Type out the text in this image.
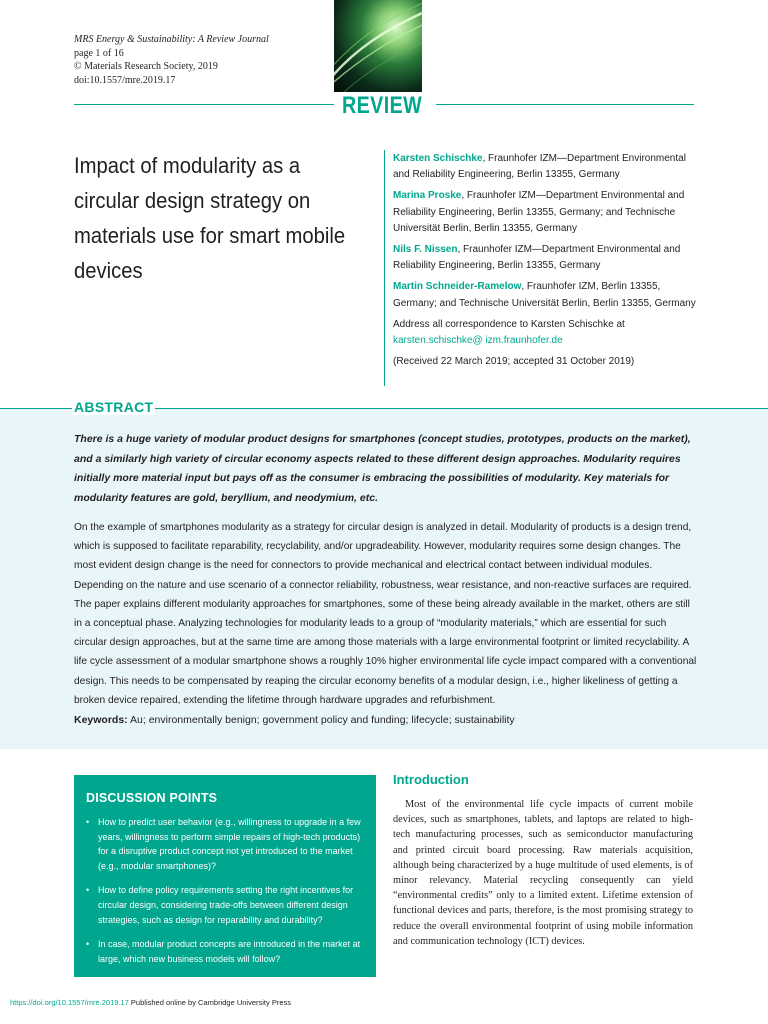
MRS Energy & Sustainability: A Review Journal
page 1 of 16
© Materials Research Society, 2019
doi:10.1557/mre.2019.17
REVIEW
Impact of modularity as a circular design strategy on materials use for smart mobile devices

Karsten Schischke, Fraunhofer IZM—Department Environmental and Reliability Engineering, Berlin 13355, Germany

Marina Proske, Fraunhofer IZM—Department Environmental and Reliability Engineering, Berlin 13355, Germany; and Technische Universität Berlin, Berlin 13355, Germany

Nils F. Nissen, Fraunhofer IZM—Department Environmental and Reliability Engineering, Berlin 13355, Germany

Martin Schneider-Ramelow, Fraunhofer IZM, Berlin 13355, Germany; and Technische Universität Berlin, Berlin 13355, Germany

Address all correspondence to Karsten Schischke at karsten.schischke@ izm.fraunhofer.de

(Received 22 March 2019; accepted 31 October 2019)

ABSTRACT
There is a huge variety of modular product designs for smartphones (concept studies, prototypes, products on the market), and a similarly high variety of circular economy aspects related to these different design approaches. Modularity requires initially more material input but pays off as the consumer is embracing the possibilities of modularity. Key materials for modularity features are gold, beryllium, and neodymium, etc.
On the example of smartphones modularity as a strategy for circular design is analyzed in detail. Modularity of products is a design trend, which is supposed to facilitate reparability, recyclability, and/or upgradeability. However, modularity requires some design changes. The most evident design change is the need for connectors to provide mechanical and electrical contact between individual modules. Depending on the nature and use scenario of a connector reliability, robustness, wear resistance, and non-reactive surfaces are required. The paper explains different modularity approaches for smartphones, some of these being already available in the market, others are still in a conceptual phase. Analyzing technologies for modularity leads to a group of “modularity materials,” which are essential for such circular design approaches, but at the same time are among those materials with a large environmental footprint or limited recyclability. A life cycle assessment of a modular smartphone shows a roughly 10% higher environmental life cycle impact compared with a conventional design. This needs to be compensated by reaping the circular economy benefits of a modular design, i.e., higher likeliness of getting a broken device repaired, extending the lifetime through hardware upgrades and refurbishment.
Keywords: Au; environmentally benign; government policy and funding; lifecycle; sustainability
DISCUSSION POINTS
• How to predict user behavior (e.g., willingness to upgrade in a few years, willingness to perform simple repairs of high-tech products) for a disruptive product concept not yet introduced to the market (e.g., modular smartphones)?
• How to define policy requirements setting the right incentives for circular design, considering trade-offs between different design strategies, such as design for reparability and durability?
• In case, modular product concepts are introduced in the market at large, which new business models will follow?
Introduction
Most of the environmental life cycle impacts of current mobile devices, such as smartphones, tablets, and laptops are related to high-tech manufacturing processes, such as semiconductor manufacturing and printed circuit board processing. Raw materials acquisition, although being characterized by a huge multitude of used elements, is of minor relevancy. Material recycling consequently can yield “environmental credits” only to a limited extent. Lifetime extension of functional devices and parts, therefore, is the most promising strategy to reduce the overall environmental footprint of using mobile information and communication technology (ICT) devices.
https://doi.org/10.1557/mre.2019.17 Published online by Cambridge University Press
